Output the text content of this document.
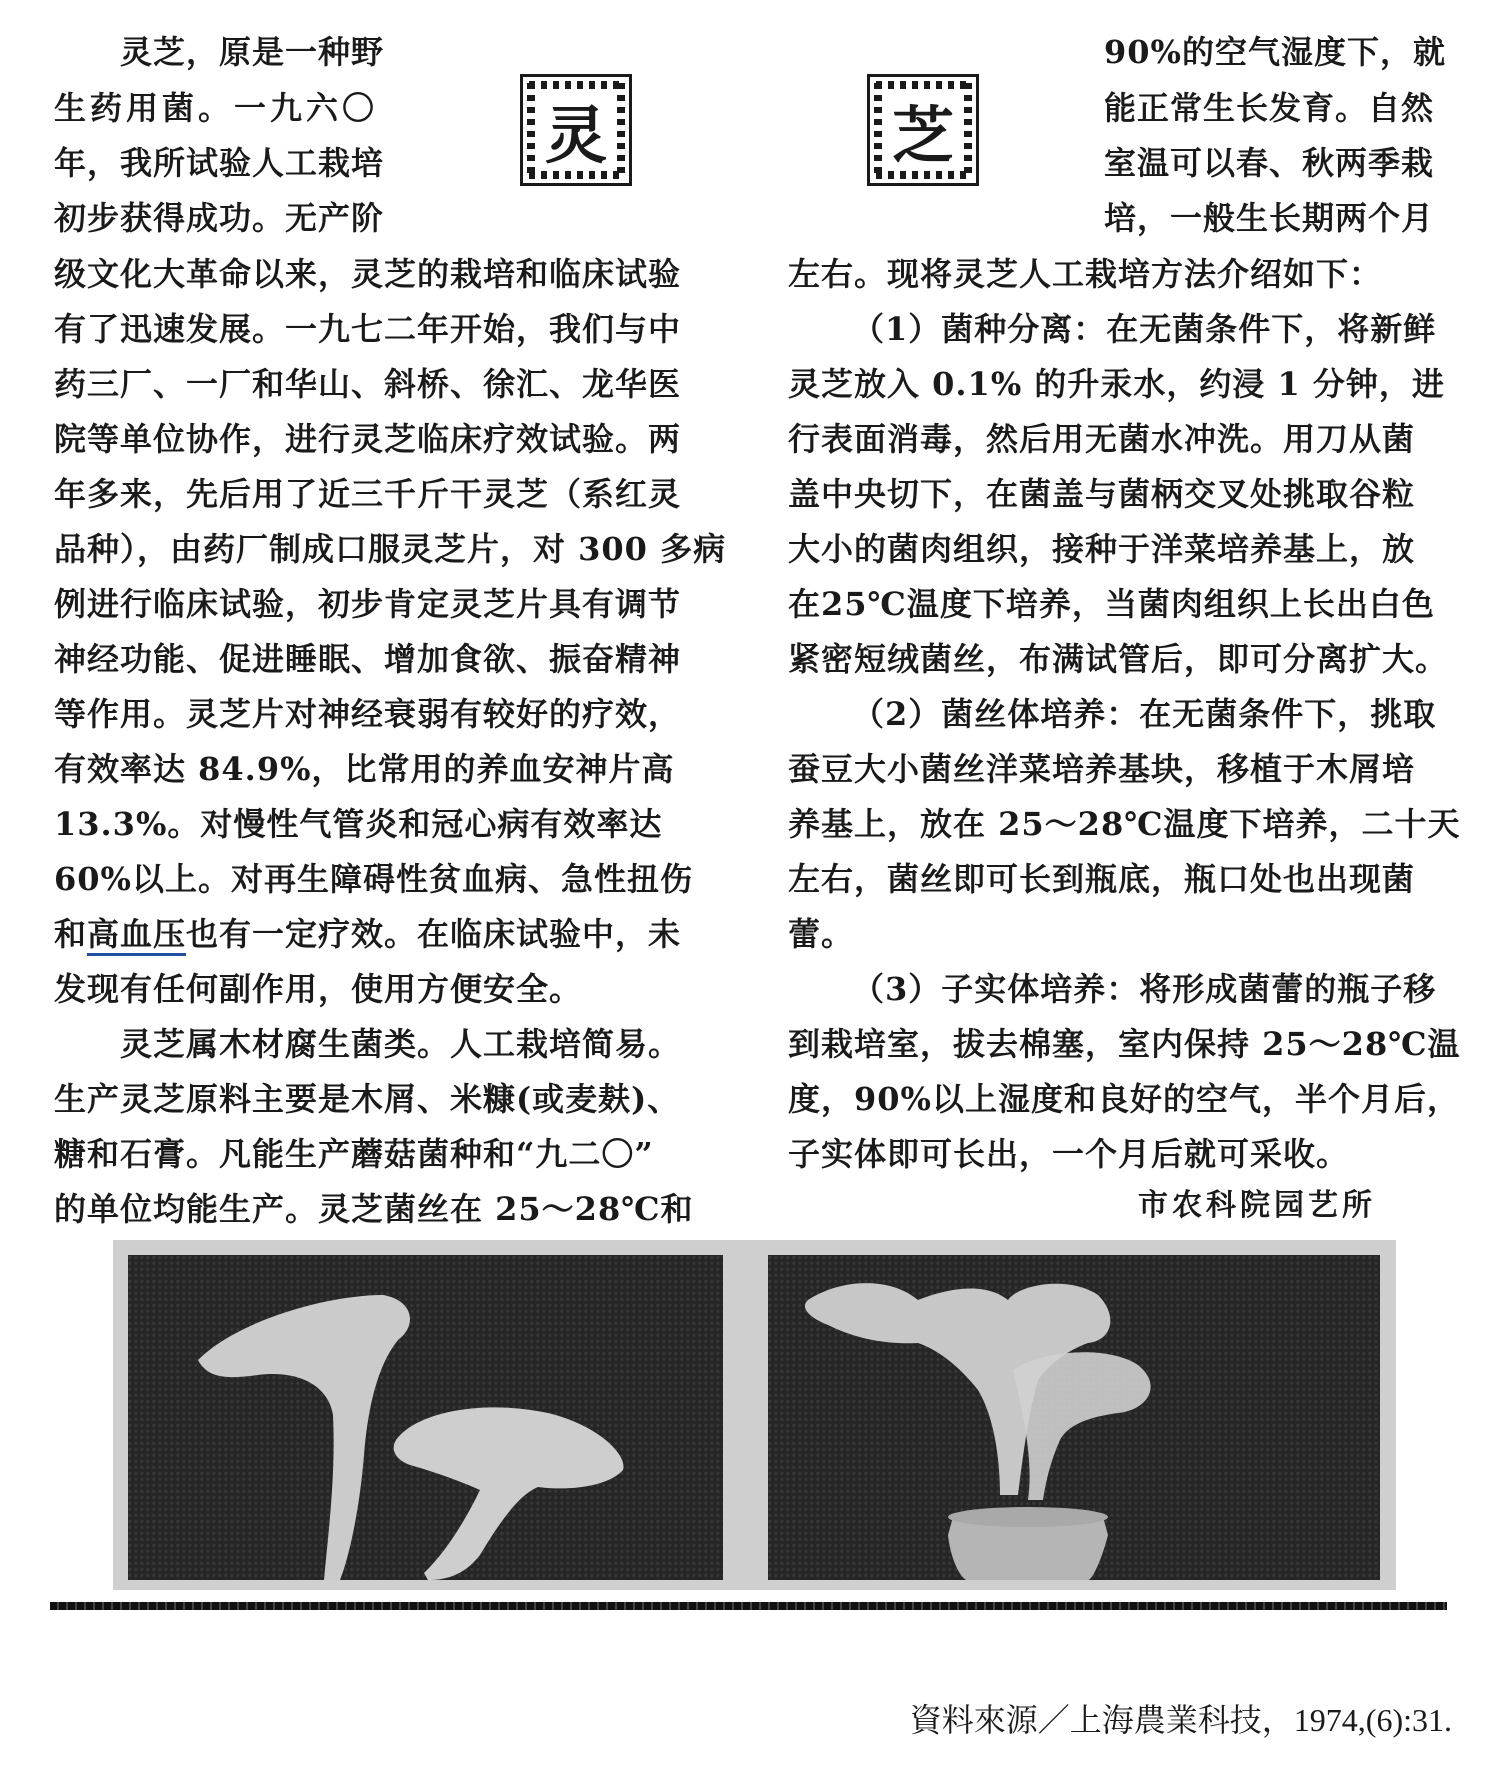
灵	芝
灵芝，原是一种野
生药用菌。一九六〇
年，我所试验人工栽培
初步获得成功。无产阶
级文化大革命以来，灵芝的栽培和临床试验
有了迅速发展。一九七二年开始，我们与中
药三厂、一厂和华山、斜桥、徐汇、龙华医
院等单位协作，进行灵芝临床疗效试验。两
年多来，先后用了近三千斤干灵芝（系红灵
品种），由药厂制成口服灵芝片，对 300 多病
例进行临床试验，初步肯定灵芝片具有调节
神经功能、促进睡眠、增加食欲、振奋精神
等作用。灵芝片对神经衰弱有较好的疗效，
有效率达 84.9%，比常用的养血安神片高
13.3%。对慢性气管炎和冠心病有效率达
60%以上。对再生障碍性贫血病、急性扭伤
和高血压也有一定疗效。在临床试验中，未
发现有任何副作用，使用方便安全。
灵芝属木材腐生菌类。人工栽培简易。
生产灵芝原料主要是木屑、米糠(或麦麸)、
糖和石膏。凡能生产蘑菇菌种和“九二〇”
的单位均能生产。灵芝菌丝在 25～28℃和
90%的空气湿度下，就
能正常生长发育。自然
室温可以春、秋两季栽
培，一般生长期两个月
左右。现将灵芝人工栽培方法介绍如下：
（1）菌种分离：在无菌条件下，将新鲜
灵芝放入 0.1% 的升汞水，约浸 1 分钟，进
行表面消毒，然后用无菌水冲洗。用刀从菌
盖中央切下，在菌盖与菌柄交叉处挑取谷粒
大小的菌肉组织，接种于洋菜培养基上，放
在25℃温度下培养，当菌肉组织上长出白色
紧密短绒菌丝，布满试管后，即可分离扩大。
（2）菌丝体培养：在无菌条件下，挑取
蚕豆大小菌丝洋菜培养基块，移植于木屑培
养基上，放在 25～28℃温度下培养，二十天
左右，菌丝即可长到瓶底，瓶口处也出现菌
蕾。
（3）子实体培养：将形成菌蕾的瓶子移
到栽培室，拔去棉塞，室内保持 25～28℃温
度，90%以上湿度和良好的空气，半个月后，
子实体即可长出，一个月后就可采收。
市农科院园艺所
資料來源／上海農業科技，1974,(6):31.
